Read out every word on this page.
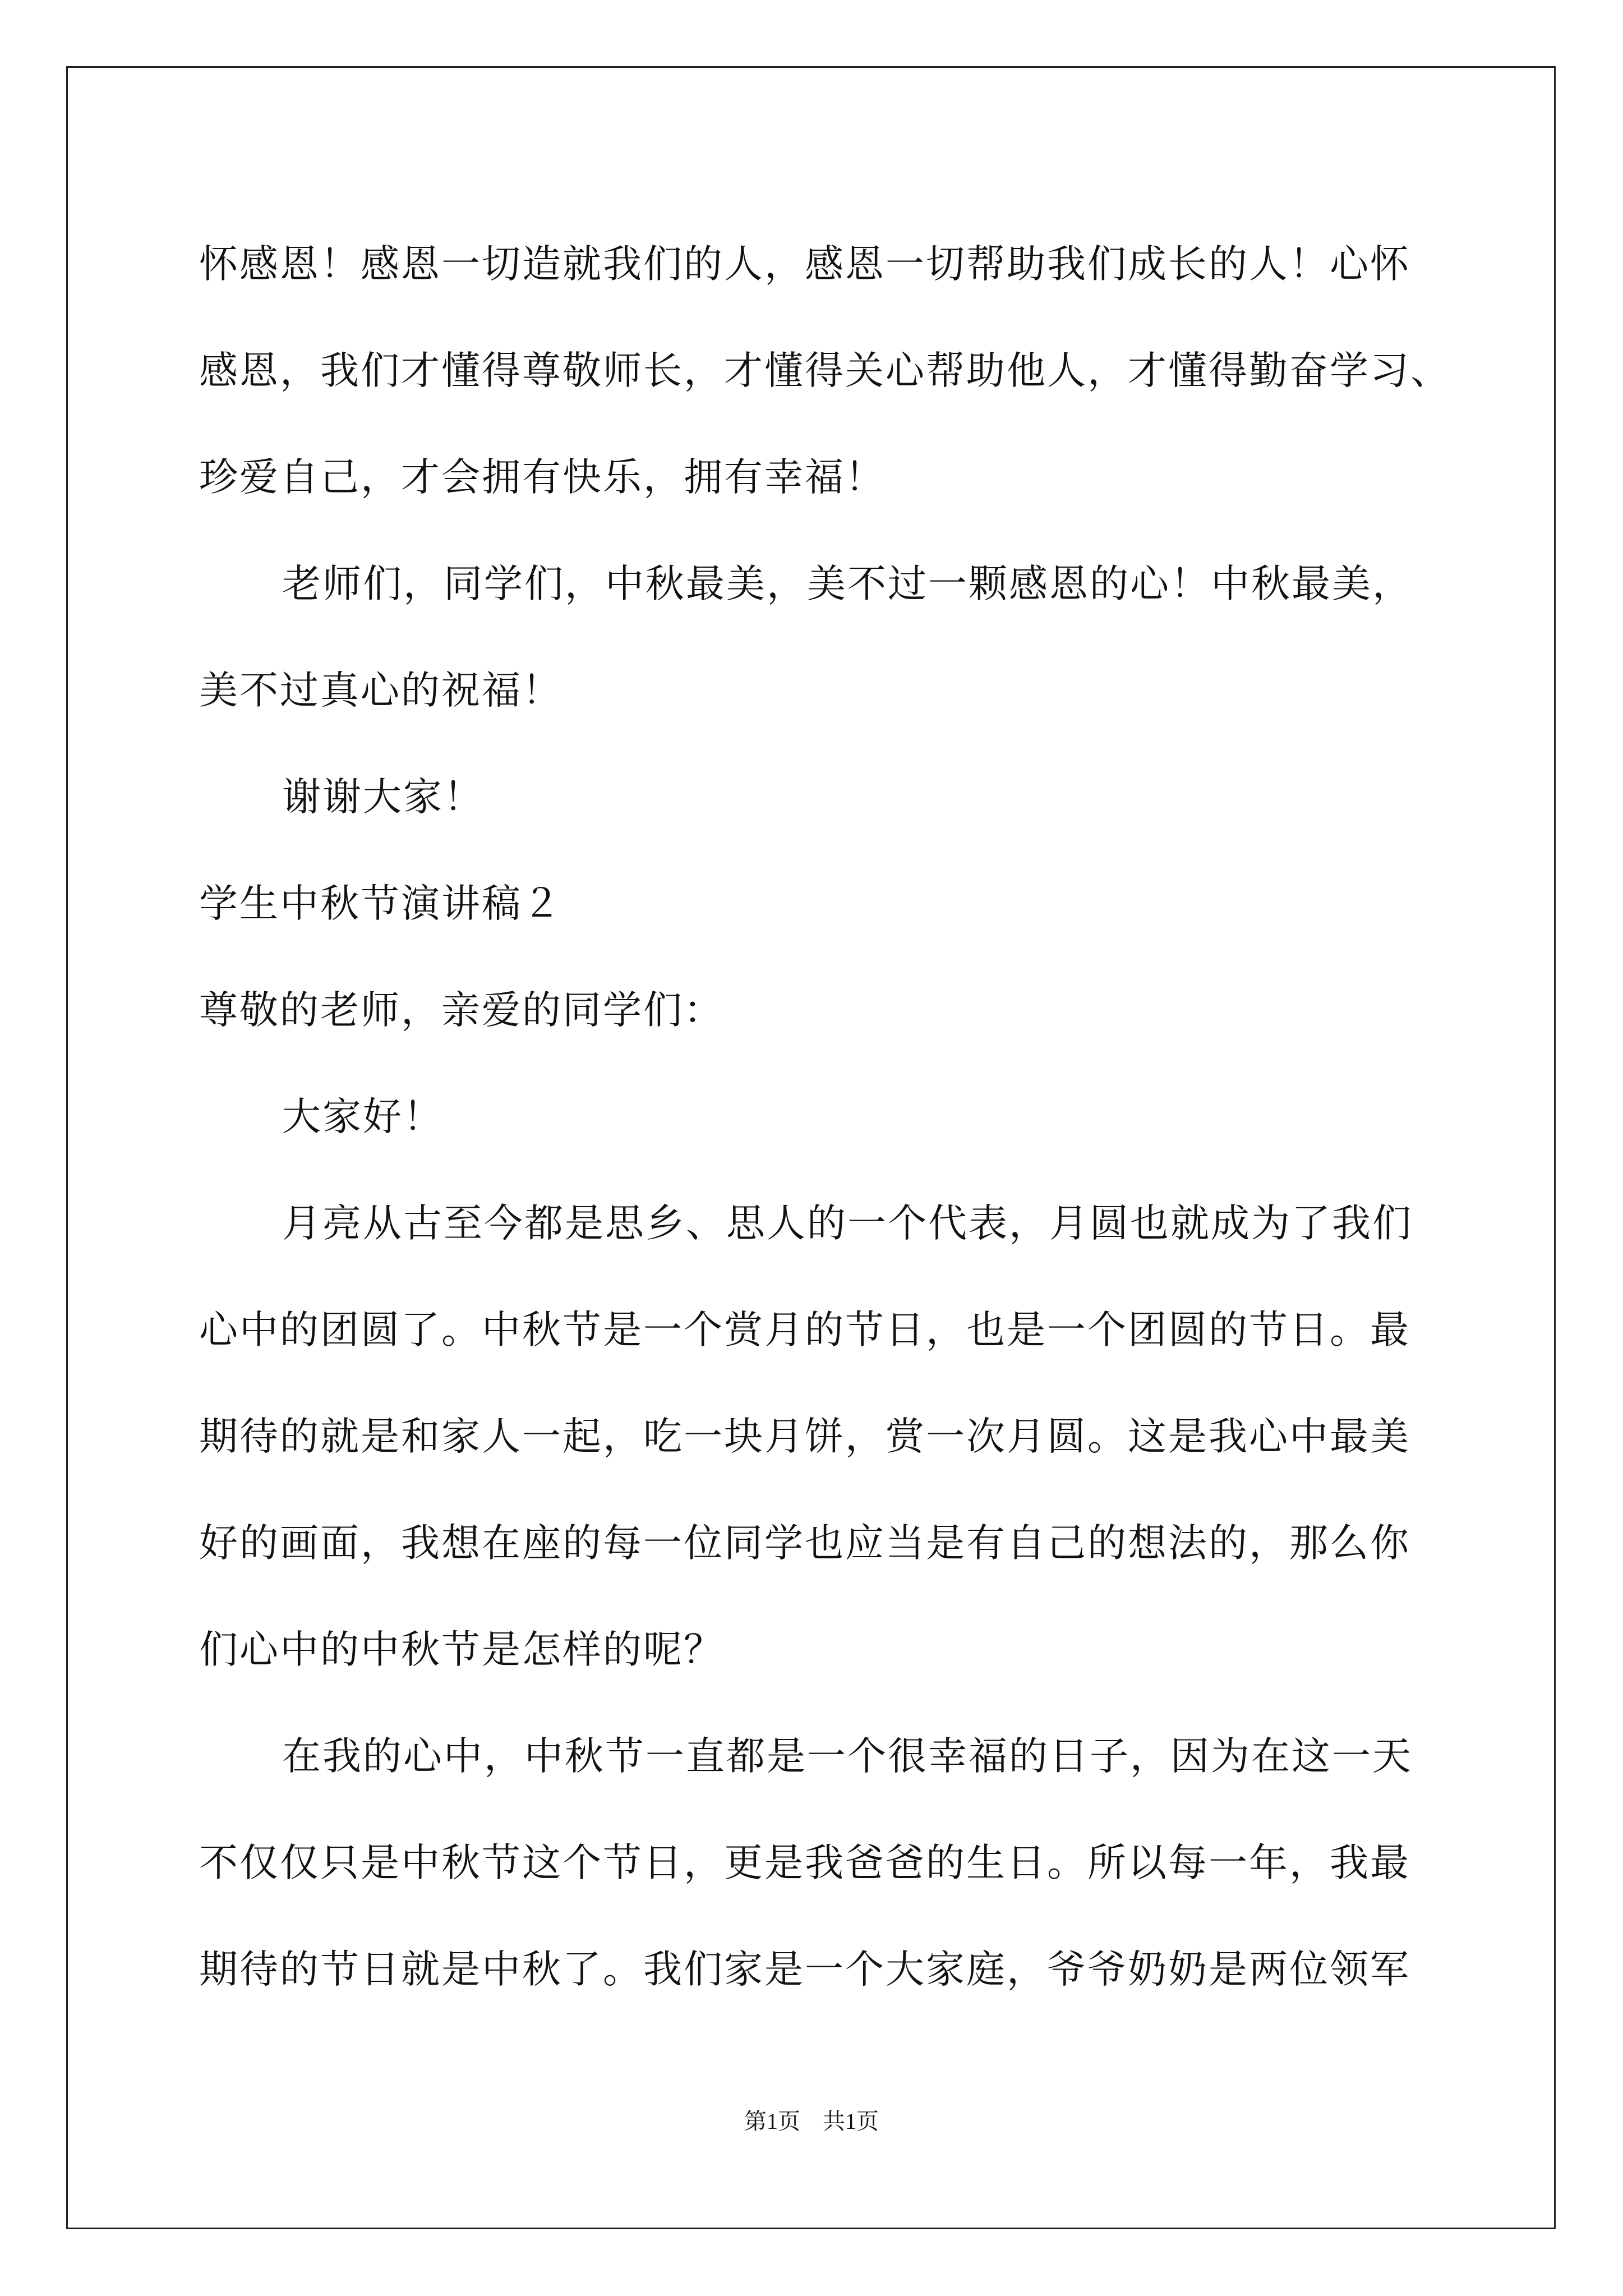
怀感恩！感恩一切造就我们的人，感恩一切帮助我们成长的人！心怀
感恩，我们才懂得尊敬师长，才懂得关心帮助他人，才懂得勤奋学习、
珍爱自己，才会拥有快乐，拥有幸福！
老师们，同学们，中秋最美，美不过一颗感恩的心！中秋最美，
美不过真心的祝福！
谢谢大家！
学生中秋节演讲稿２
尊敬的老师，亲爱的同学们：
大家好！
月亮从古至今都是思乡、思人的一个代表，月圆也就成为了我们
心中的团圆了。中秋节是一个赏月的节日，也是一个团圆的节日。最
期待的就是和家人一起，吃一块月饼，赏一次月圆。这是我心中最美
好的画面，我想在座的每一位同学也应当是有自己的想法的，那么你
们心中的中秋节是怎样的呢？
在我的心中，中秋节一直都是一个很幸福的日子，因为在这一天
不仅仅只是中秋节这个节日，更是我爸爸的生日。所以每一年，我最
期待的节日就是中秋了。我们家是一个大家庭，爷爷奶奶是两位领军
第1页　共1页
